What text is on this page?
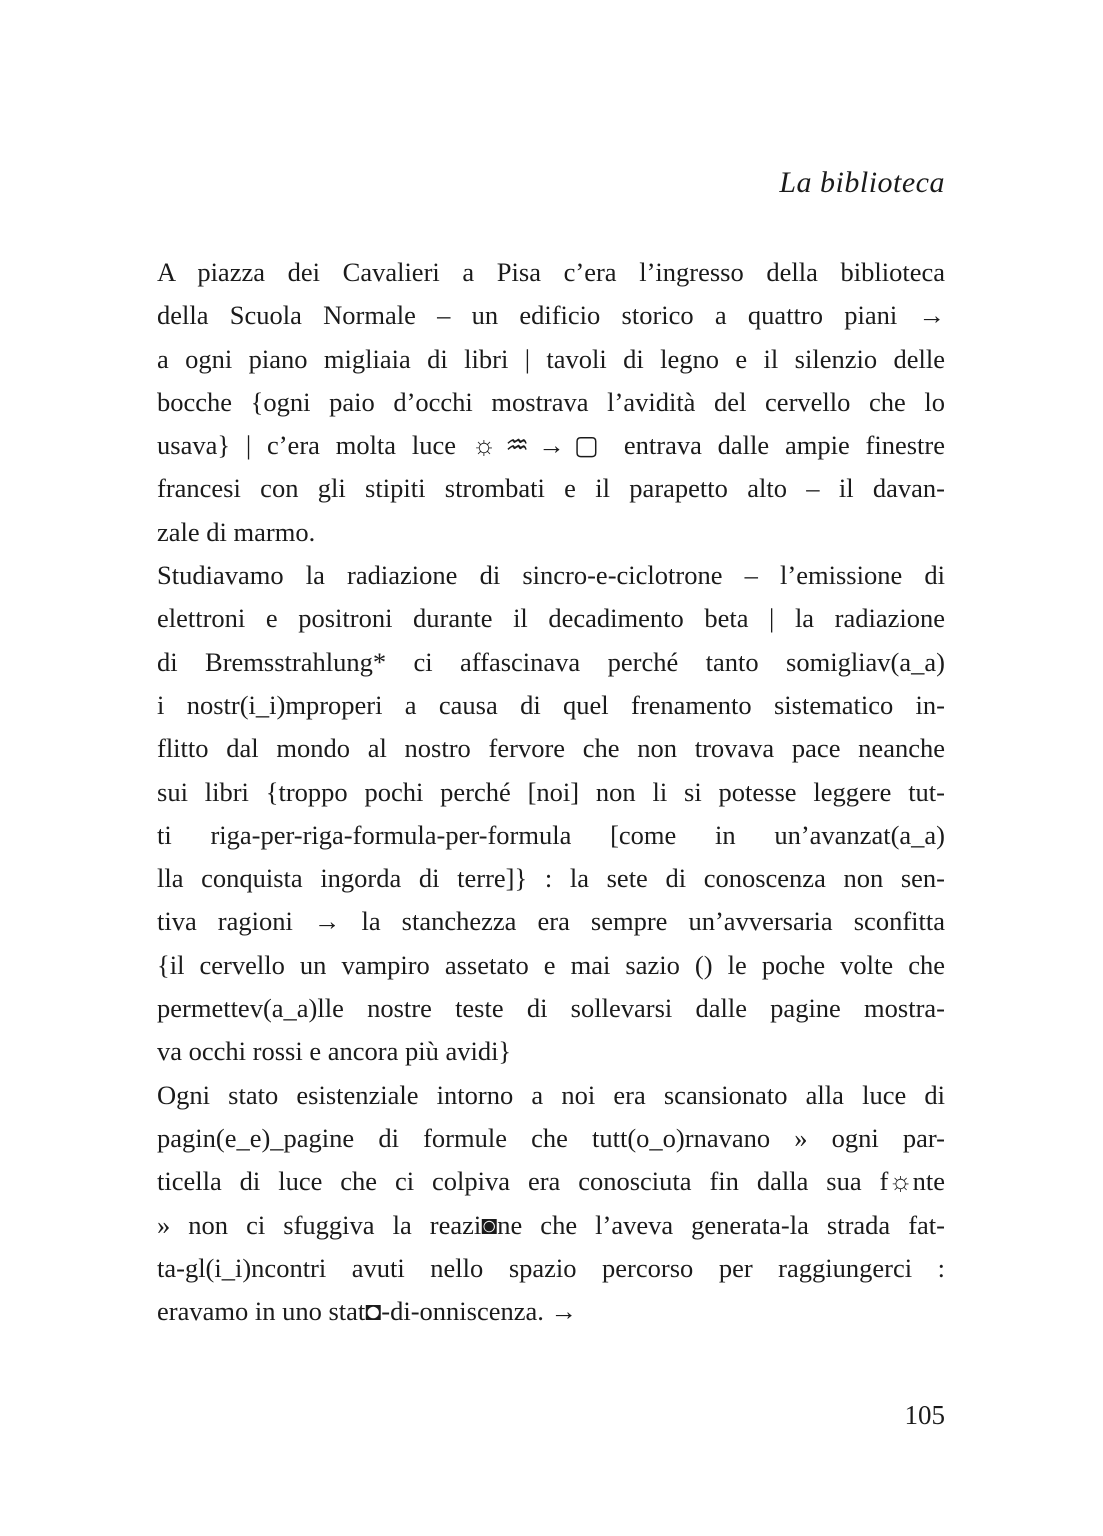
La biblioteca
A piazza dei Cavalieri a Pisa c’era l’ingresso della biblioteca
della Scuola Normale – un edificio storico a quattro piani →
a ogni piano migliaia di libri | tavoli di legno e il silenzio delle
bocche {ogni paio d’occhi mostrava l’avidità del cervello che lo
usava} | c’era molta luce ☼♒→▢ entrava dalle ampie finestre
francesi con gli stipiti strombati e il parapetto alto – il davan-
zale di marmo.
Studiavamo la radiazione di sincro-e-ciclotrone – l’emissione di
elettroni e positroni durante il decadimento beta | la radiazione
di Bremsstrahlung* ci affascinava perché tanto somigliav(a_a)
i nostr(i_i)mproperi a causa di quel frenamento sistematico in-
flitto dal mondo al nostro fervore che non trovava pace neanche
sui libri {troppo pochi perché [noi] non li si potesse leggere tut-
ti riga-per-riga-formula-per-formula [come in un’avanzat(a_a)
lla conquista ingorda di terre]} : la sete di conoscenza non sen-
tiva ragioni → la stanchezza era sempre un’avversaria sconfitta
{il cervello un vampiro assetato e mai sazio () le poche volte che
permettev(a_a)lle nostre teste di sollevarsi dalle pagine mostra-
va occhi rossi e ancora più avidi}
Ogni stato esistenziale intorno a noi era scansionato alla luce di
pagin(e_e)_pagine di formule che tutt(o_o)rnavano » ogni par-
ticella di luce che ci colpiva era conosciuta fin dalla sua f☼nte
» non ci sfuggiva la reazi◙ne che l’aveva generata-la strada fat-
ta-gl(i_i)ncontri avuti nello spazio percorso per raggiungerci :
eravamo in uno stat◘-di-onniscenza. →
105
